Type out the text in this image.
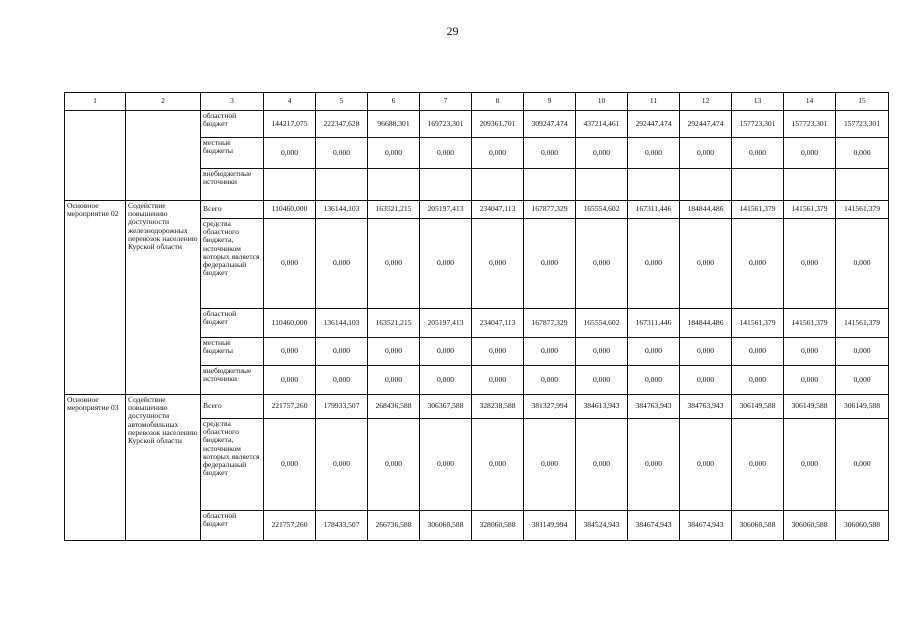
29
1	2	3	4	5	6	7	8	9	10	11	12	13	14	15
		областной бюджет	144217,075	222347,628	96688,301	169723,301	209361,701	309247,474	437214,461	292447,474	292447,474	157723,301	157723,301	157723,301
		местные бюджеты	0,000	0,000	0,000	0,000	0,000	0,000	0,000	0,000	0,000	0,000	0,000	0,000
		внебюджетные источники												
Основное мероприятие 02	Содействие повышению доступности железнодорожных перевозок населению Курской области	Всего	110460,000	136144,103	163521,215	205197,413	234047,113	167877,329	165554,602	167311,446	184844,486	141561,379	141561,379	141561,379
		средства областного бюджета, источником которых является федеральный бюджет	0,000	0,000	0,000	0,000	0,000	0,000	0,000	0,000	0,000	0,000	0,000	0,000
		областной бюджет	110460,000	136144,103	163521,215	205197,413	234047,113	167877,329	165554,602	167311,446	184844,486	141561,379	141561,379	141561,379
		местные бюджеты	0,000	0,000	0,000	0,000	0,000	0,000	0,000	0,000	0,000	0,000	0,000	0,000
		внебюджетные источники	0,000	0,000	0,000	0,000	0,000	0,000	0,000	0,000	0,000	0,000	0,000	0,000
Основное мероприятие 03	Содействие повышению доступности автомобильных перевозок населению Курской области	Всего	221757,260	179933,507	268436,588	306367,588	328238,588	381327,994	384613,943	384763,943	384763,943	306149,588	306149,588	306149,588
		средства областного бюджета, источником которых является федеральный бюджет	0,000	0,000	0,000	0,000	0,000	0,000	0,000	0,000	0,000	0,000	0,000	0,000
		областной бюджет	221757,260	178433,507	266736,588	306060,588	328060,588	381149,994	384524,943	384674,943	384674,943	306060,588	306060,588	306060,588
